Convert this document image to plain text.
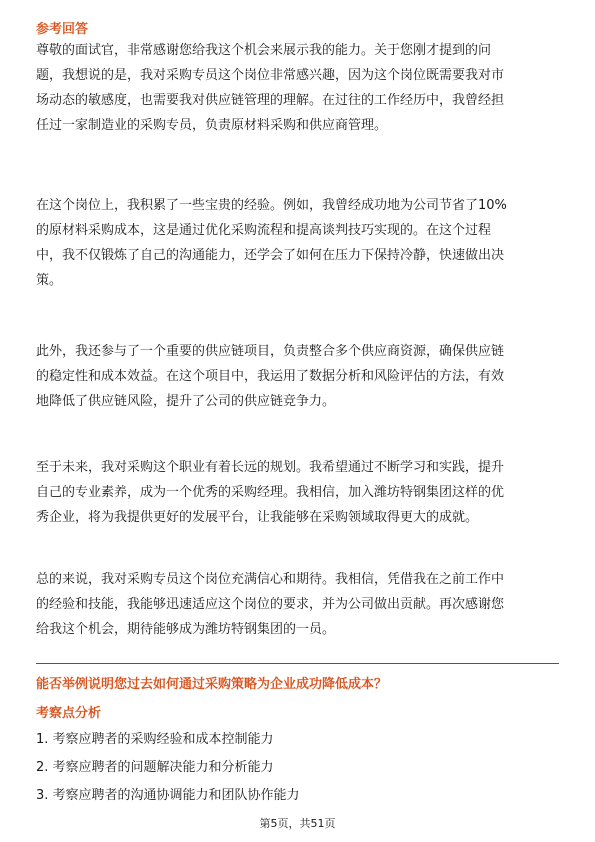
参考回答
尊敬的面试官，非常感谢您给我这个机会来展示我的能力。关于您刚才提到的问
题，我想说的是，我对采购专员这个岗位非常感兴趣，因为这个岗位既需要我对市
场动态的敏感度，也需要我对供应链管理的理解。在过往的工作经历中，我曾经担
任过一家制造业的采购专员，负责原材料采购和供应商管理。
在这个岗位上，我积累了一些宝贵的经验。例如，我曾经成功地为公司节省了10%
的原材料采购成本，这是通过优化采购流程和提高谈判技巧实现的。在这个过程
中，我不仅锻炼了自己的沟通能力，还学会了如何在压力下保持冷静，快速做出决
策。
此外，我还参与了一个重要的供应链项目，负责整合多个供应商资源，确保供应链
的稳定性和成本效益。在这个项目中，我运用了数据分析和风险评估的方法，有效
地降低了供应链风险，提升了公司的供应链竞争力。
至于未来，我对采购这个职业有着长远的规划。我希望通过不断学习和实践，提升
自己的专业素养，成为一个优秀的采购经理。我相信，加入潍坊特钢集团这样的优
秀企业，将为我提供更好的发展平台，让我能够在采购领域取得更大的成就。
总的来说，我对采购专员这个岗位充满信心和期待。我相信，凭借我在之前工作中
的经验和技能，我能够迅速适应这个岗位的要求，并为公司做出贡献。再次感谢您
给我这个机会，期待能够成为潍坊特钢集团的一员。
能否举例说明您过去如何通过采购策略为企业成功降低成本？
考察点分析
1. 考察应聘者的采购经验和成本控制能力
2. 考察应聘者的问题解决能力和分析能力
3. 考察应聘者的沟通协调能力和团队协作能力
第5页，共51页
